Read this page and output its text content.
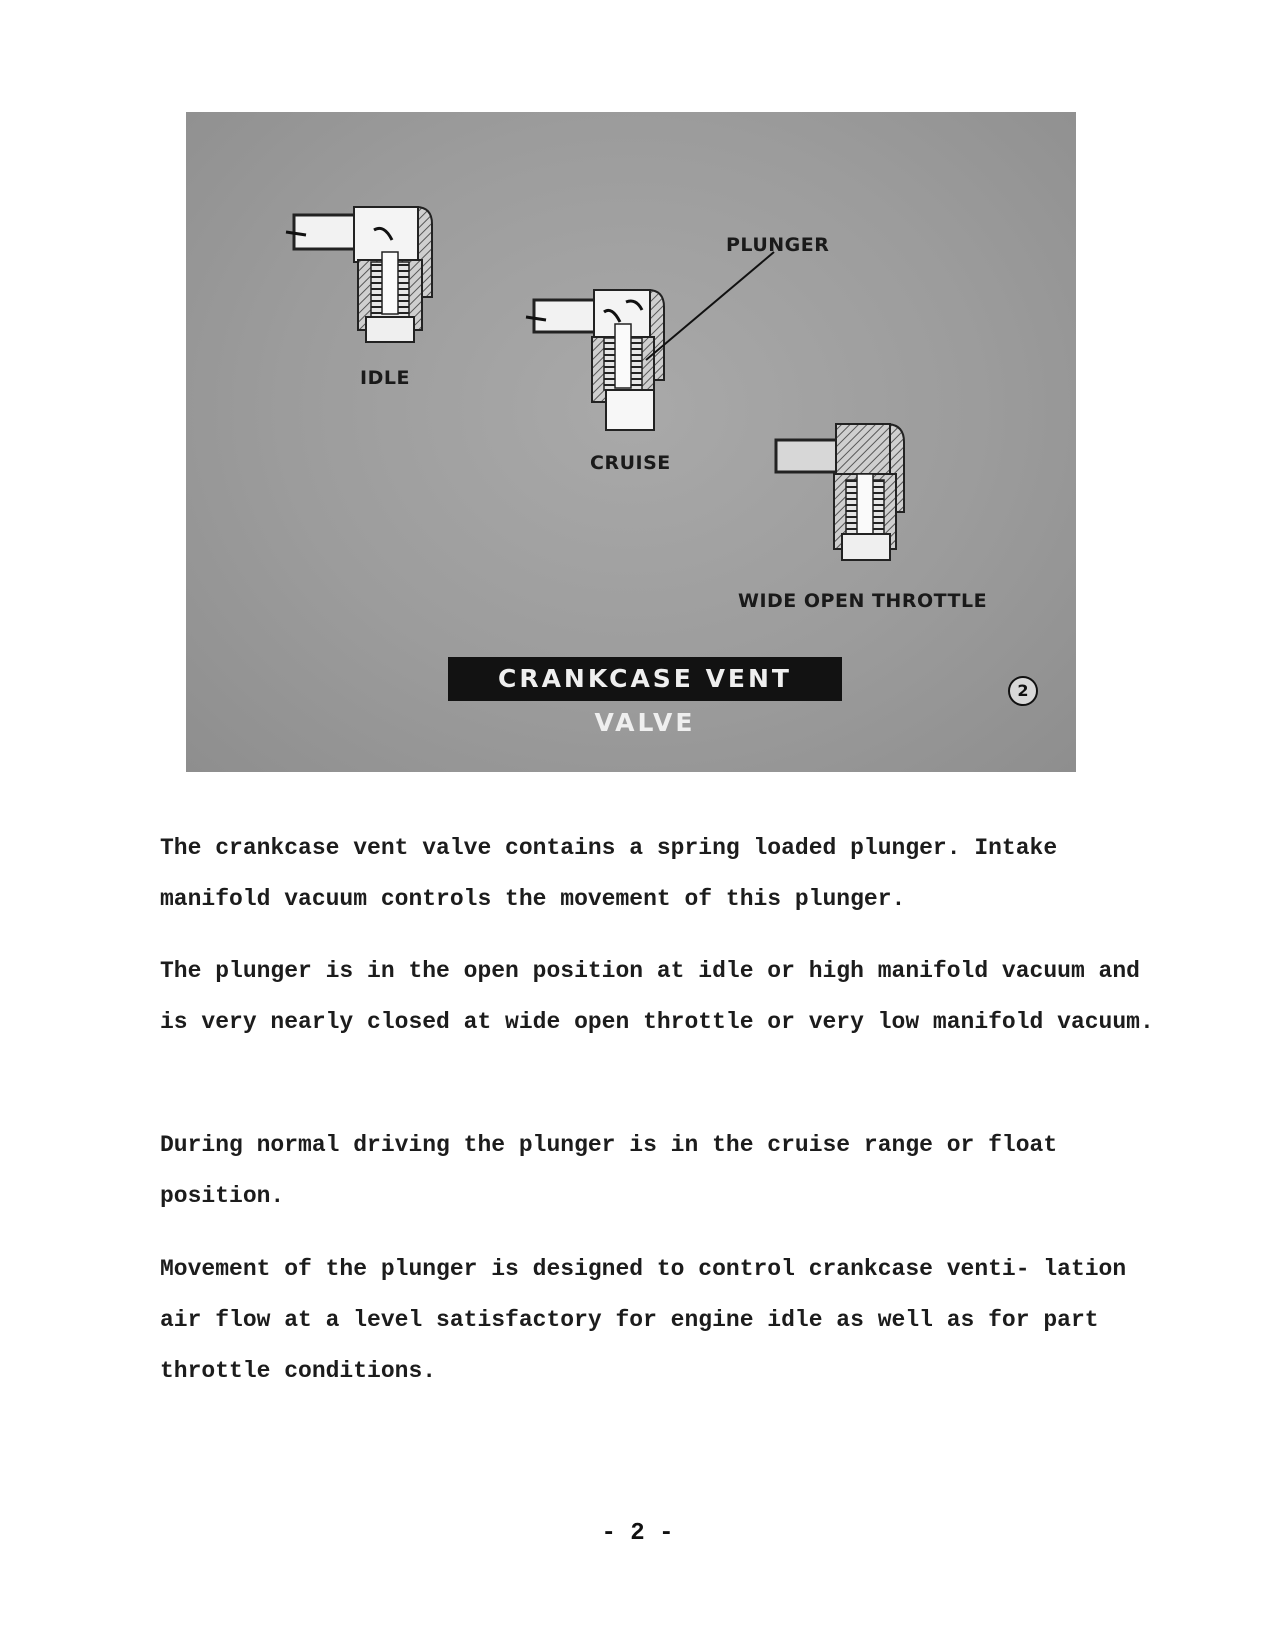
IDLE
CRUISE
PLUNGER
WIDE OPEN THROTTLE
CRANKCASE VENT VALVE
2

The crankcase vent valve contains a spring loaded plunger. Intake manifold vacuum controls the movement of this plunger.

The plunger is in the open position at idle or high manifold vacuum and is very nearly closed at wide open throttle or very low manifold vacuum.

During normal driving the plunger is in the cruise range or float position.

Movement of the plunger is designed to control crankcase venti- lation air flow at a level satisfactory for engine idle as well as for part throttle conditions.

- 2 -
